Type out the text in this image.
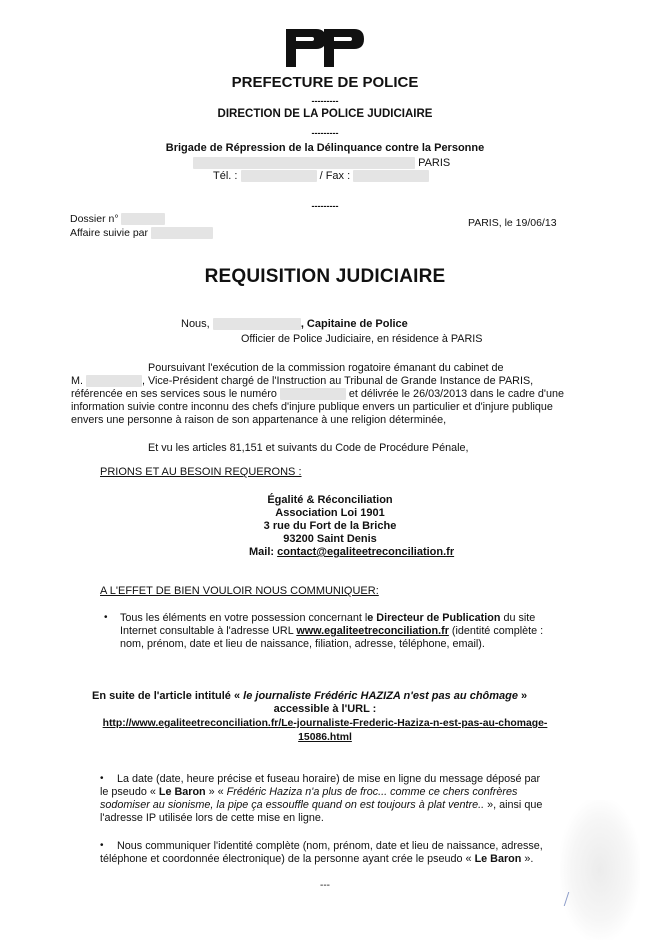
PREFECTURE DE POLICE
---------
DIRECTION DE LA POLICE JUDICIAIRE
---------
Brigade de Répression de la Délinquance contre la Personne
PARIS
Tél. :	/ Fax :
---------
Dossier n°
Affaire suivie par
PARIS, le 19/06/13
REQUISITION JUDICIAIRE
Nous,	, Capitaine de Police
Officier de Police Judiciaire, en résidence à PARIS
Poursuivant l'exécution de la commission rogatoire émanant du cabinet de
M.	, Vice-Président chargé de l'Instruction au Tribunal de Grande Instance de PARIS,
référencée en ses services sous le numéro	et délivrée le 26/03/2013 dans le cadre d'une
information suivie contre inconnu des chefs d'injure publique envers un particulier et d'injure publique
envers une personne à raison de son appartenance à une religion déterminée,
Et vu les articles 81,151 et suivants du Code de Procédure Pénale,
PRIONS ET AU BESOIN REQUERONS :
Égalité & Réconciliation
Association Loi 1901
3 rue du Fort de la Briche
93200 Saint Denis
Mail: contact@egaliteetreconciliation.fr
A L'EFFET DE BIEN VOULOIR NOUS COMMUNIQUER:
• Tous les éléments en votre possession concernant le Directeur de Publication du site
Internet consultable à l'adresse URL www.egaliteetreconciliation.fr (identité complète :
nom, prénom, date et lieu de naissance, filiation, adresse, téléphone, email).
En suite de l'article intitulé « le journaliste Frédéric HAZIZA n'est pas au chômage »
accessible à l'URL :
http://www.egaliteetreconciliation.fr/Le-journaliste-Frederic-Haziza-n-est-pas-au-chomage-
15086.html
• La date (date, heure précise et fuseau horaire) de mise en ligne du message déposé par
le pseudo « Le Baron » « Frédéric Haziza n'a plus de froc... comme ce chers confrères
sodomiser au sionisme, la pipe ça essouffle quand on est toujours à plat ventre.. », ainsi que
l'adresse IP utilisée lors de cette mise en ligne.
• Nous communiquer l'identité complète (nom, prénom, date et lieu de naissance, adresse,
téléphone et coordonnée électronique) de la personne ayant crée le pseudo « Le Baron ».
---
